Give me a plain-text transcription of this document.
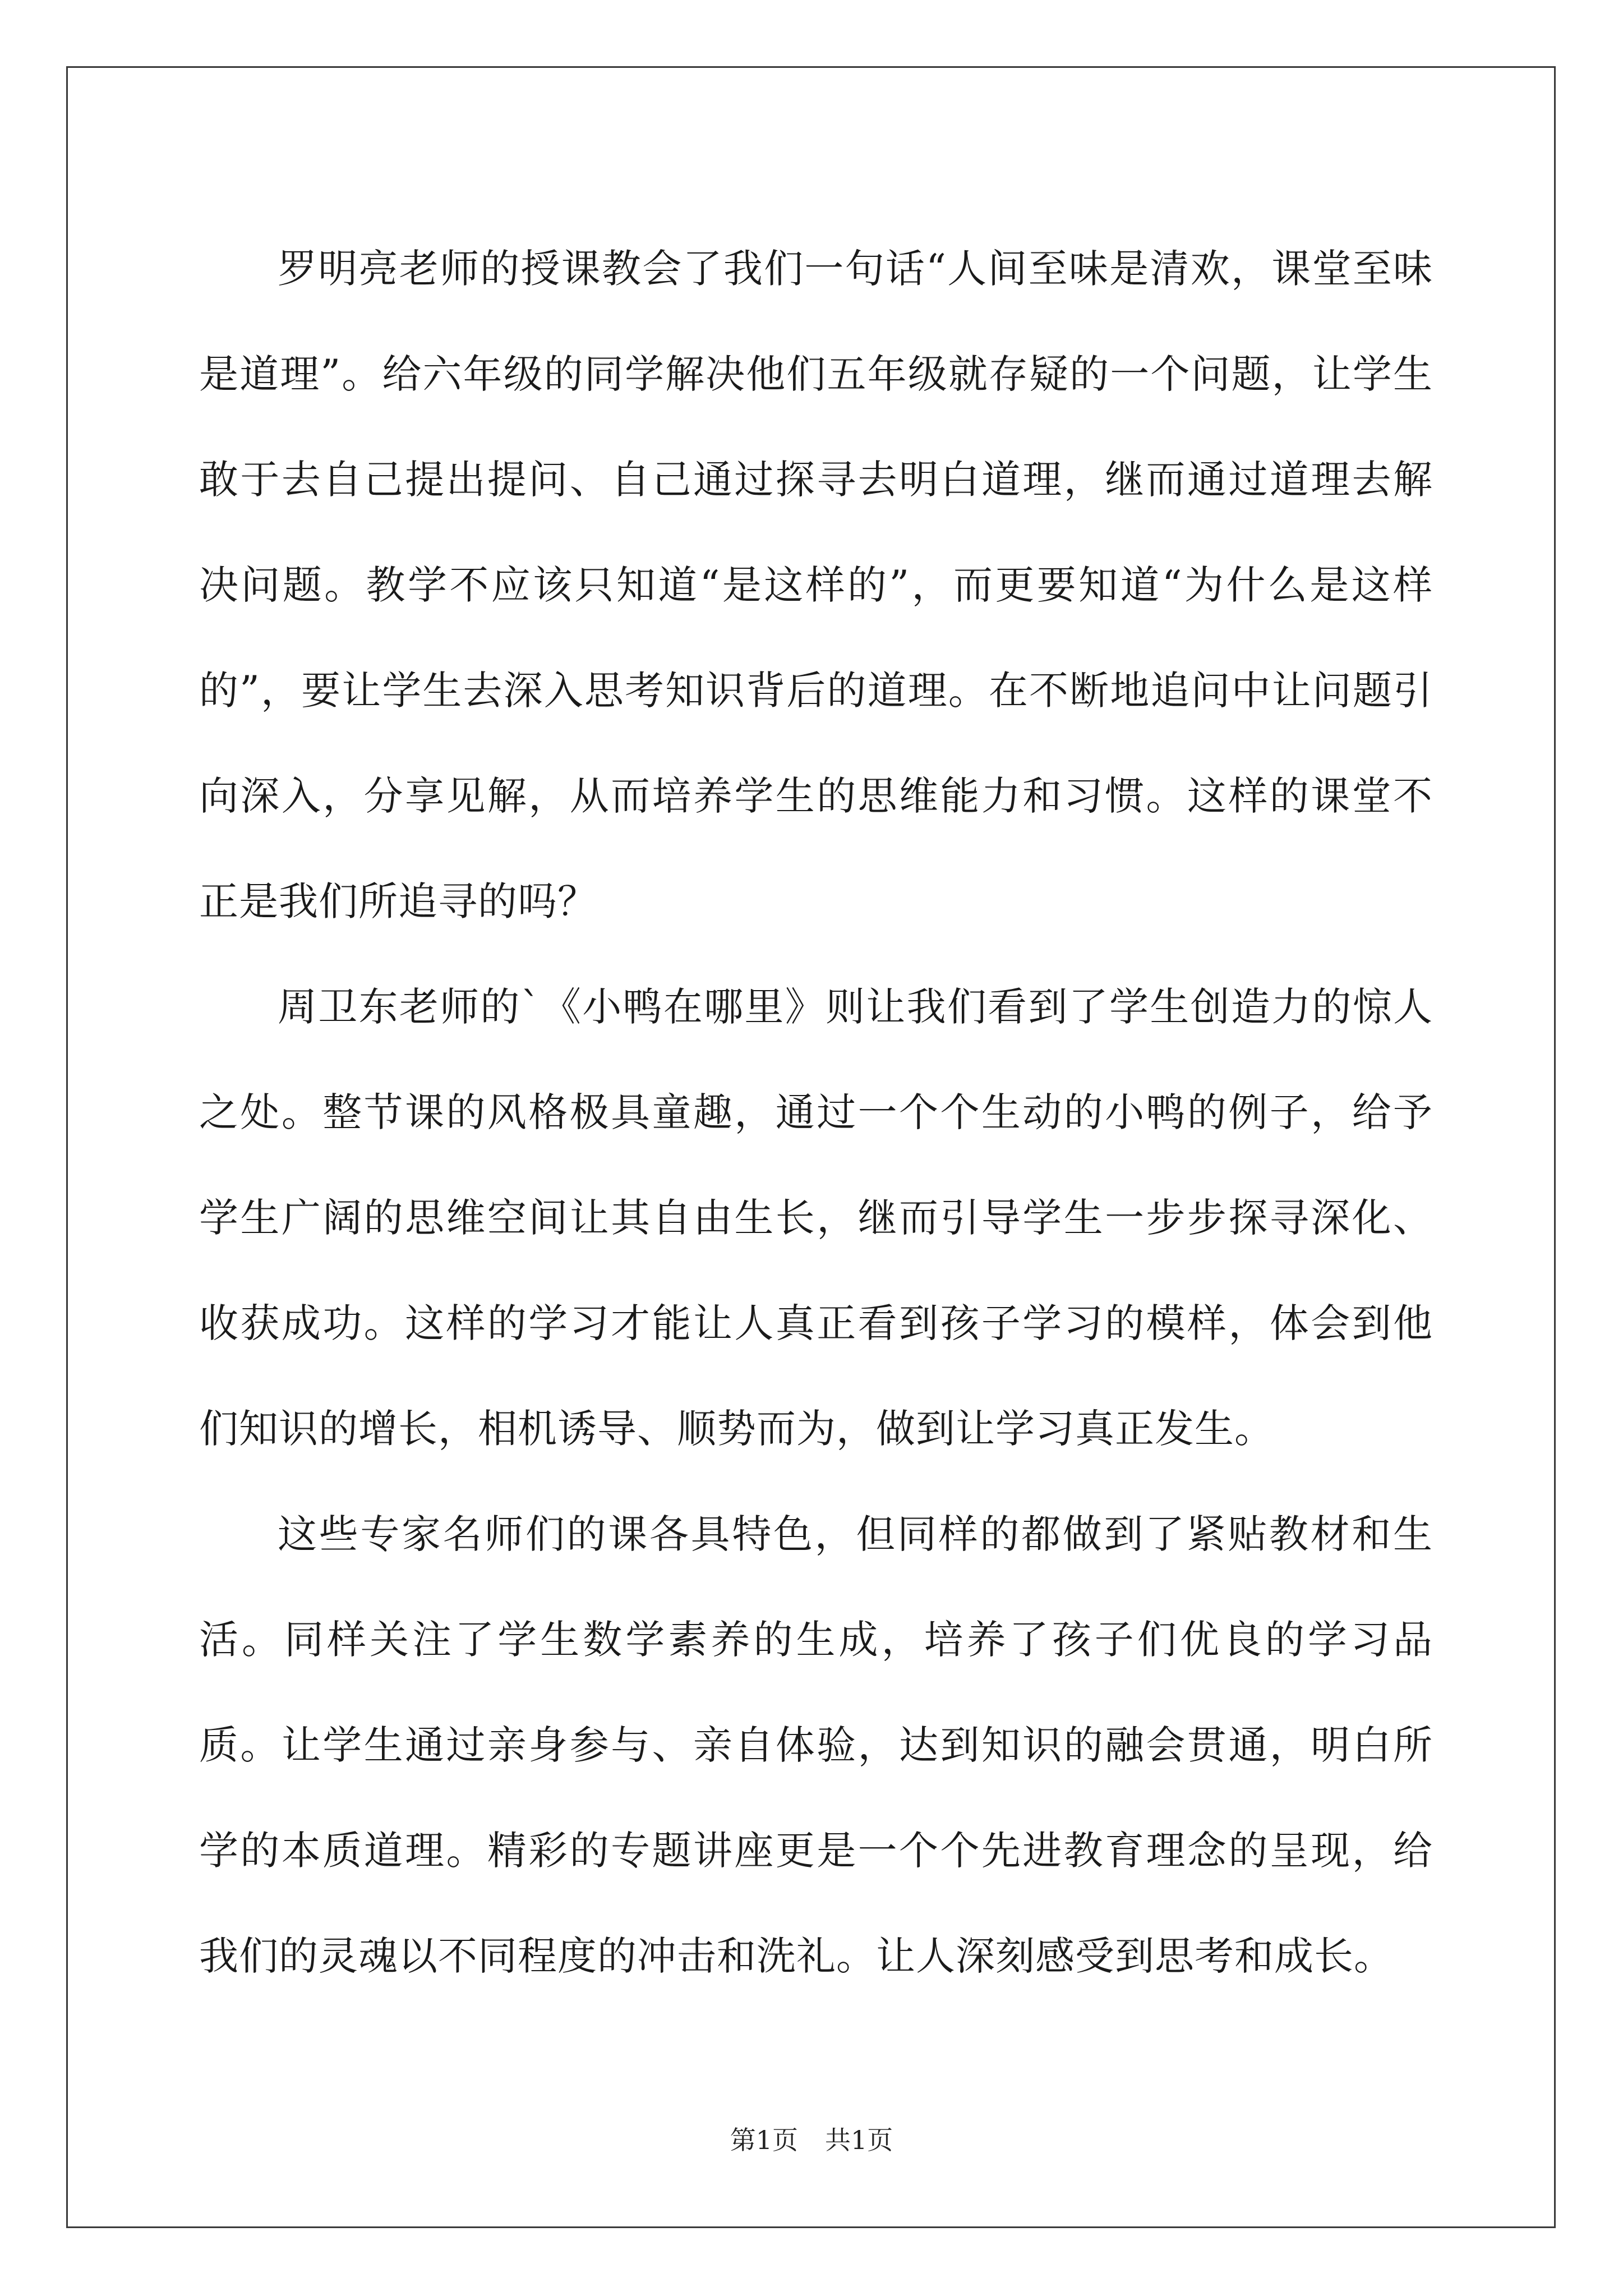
罗明亮老师的授课教会了我们一句话“人间至味是清欢，课堂至味是道理”。给六年级的同学解决他们五年级就存疑的一个问题，让学生敢于去自己提出提问、自己通过探寻去明白道理，继而通过道理去解决问题。教学不应该只知道“是这样的”，而更要知道“为什么是这样的”，要让学生去深入思考知识背后的道理。在不断地追问中让问题引向深入，分享见解，从而培养学生的思维能力和习惯。这样的课堂不正是我们所追寻的吗？

周卫东老师的`《小鸭在哪里》则让我们看到了学生创造力的惊人之处。整节课的风格极具童趣，通过一个个生动的小鸭的例子，给予学生广阔的思维空间让其自由生长，继而引导学生一步步探寻深化、收获成功。这样的学习才能让人真正看到孩子学习的模样，体会到他们知识的增长，相机诱导、顺势而为，做到让学习真正发生。

这些专家名师们的课各具特色，但同样的都做到了紧贴教材和生活。同样关注了学生数学素养的生成，培养了孩子们优良的学习品质。让学生通过亲身参与、亲自体验，达到知识的融会贯通，明白所学的本质道理。精彩的专题讲座更是一个个先进教育理念的呈现，给我们的灵魂以不同程度的冲击和洗礼。让人深刻感受到思考和成长。

第1页 共1页
